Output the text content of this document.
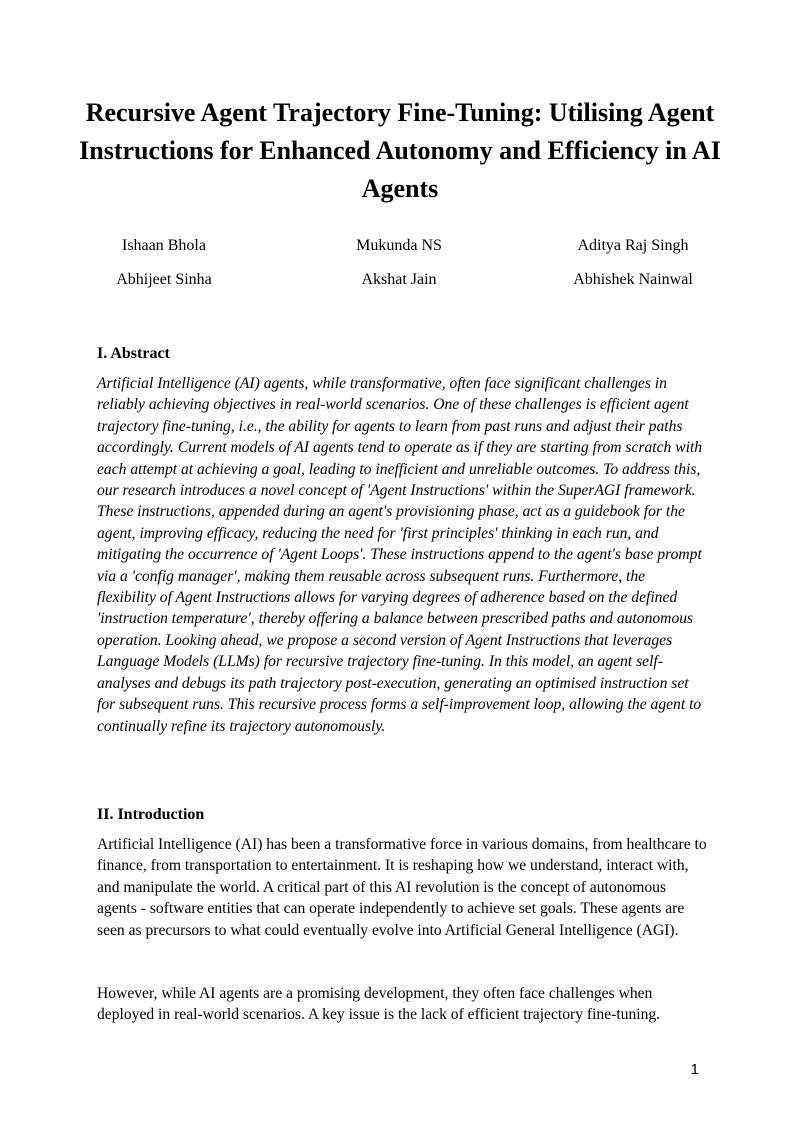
Recursive Agent Trajectory Fine-Tuning: Utilising Agent Instructions for Enhanced Autonomy and Efficiency in AI Agents
Ishaan Bhola	Mukunda NS	Aditya Raj Singh
Abhijeet Sinha	Akshat Jain	Abhishek Nainwal
I. Abstract

Artificial Intelligence (AI) agents, while transformative, often face significant challenges in reliably achieving objectives in real-world scenarios. One of these challenges is efficient agent trajectory fine-tuning, i.e., the ability for agents to learn from past runs and adjust their paths accordingly. Current models of AI agents tend to operate as if they are starting from scratch with each attempt at achieving a goal, leading to inefficient and unreliable outcomes. To address this, our research introduces a novel concept of 'Agent Instructions' within the SuperAGI framework. These instructions, appended during an agent's provisioning phase, act as a guidebook for the agent, improving efficacy, reducing the need for 'first principles' thinking in each run, and mitigating the occurrence of 'Agent Loops'. These instructions append to the agent's base prompt via a 'config manager', making them reusable across subsequent runs. Furthermore, the flexibility of Agent Instructions allows for varying degrees of adherence based on the defined 'instruction temperature', thereby offering a balance between prescribed paths and autonomous operation. Looking ahead, we propose a second version of Agent Instructions that leverages Language Models (LLMs) for recursive trajectory fine-tuning. In this model, an agent self-analyses and debugs its path trajectory post-execution, generating an optimised instruction set for subsequent runs. This recursive process forms a self-improvement loop, allowing the agent to continually refine its trajectory autonomously.

II. Introduction

Artificial Intelligence (AI) has been a transformative force in various domains, from healthcare to finance, from transportation to entertainment. It is reshaping how we understand, interact with, and manipulate the world. A critical part of this AI revolution is the concept of autonomous agents - software entities that can operate independently to achieve set goals. These agents are seen as precursors to what could eventually evolve into Artificial General Intelligence (AGI).

However, while AI agents are a promising development, they often face challenges when deployed in real-world scenarios. A key issue is the lack of efficient trajectory fine-tuning.

1
